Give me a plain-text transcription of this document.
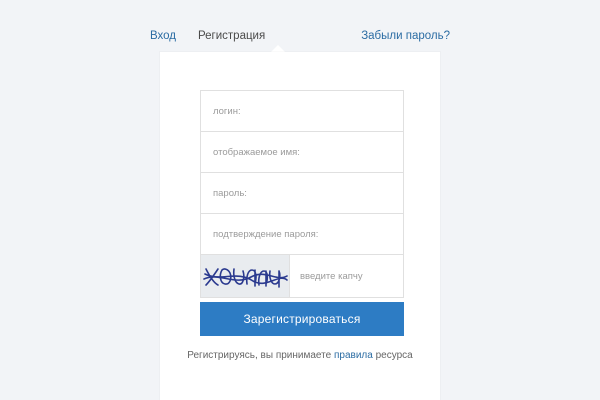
Вход Регистрация	Забыли пароль?
логин:
отображаемое имя:
введите капчу
Зарегистрироваться
Регистрируясь, вы принимаете правила ресурса
